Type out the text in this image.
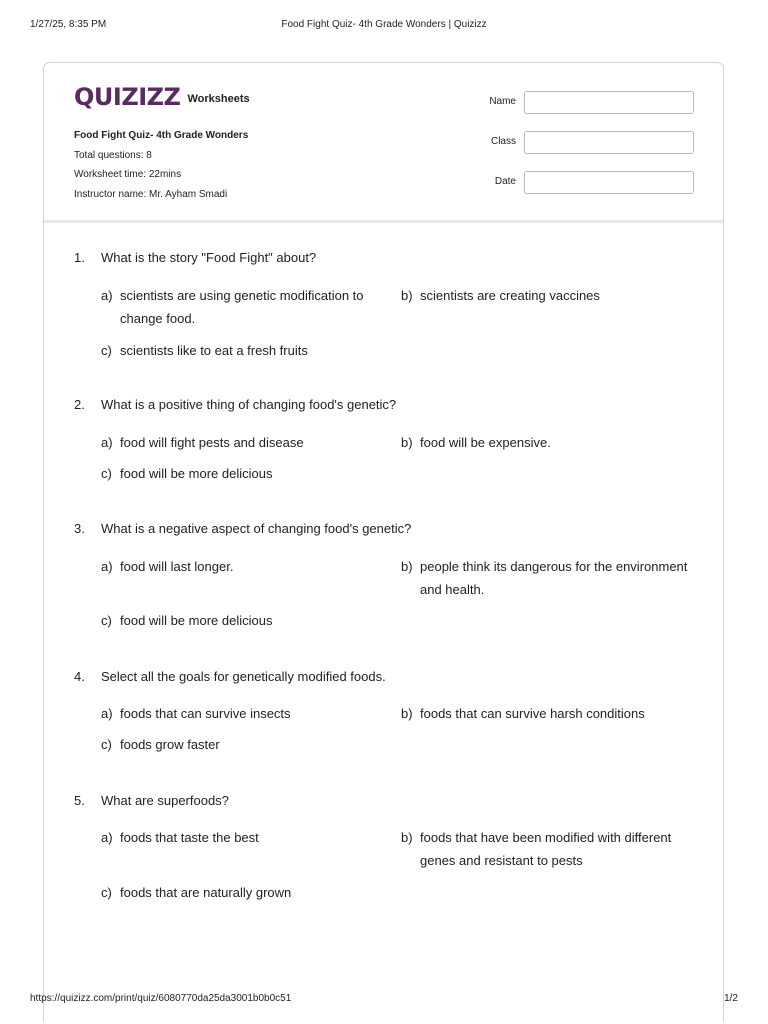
1/27/25, 8:35 PM	Food Fight Quiz- 4th Grade Wonders | Quizizz
QUIZIZZ Worksheets
Food Fight Quiz- 4th Grade Wonders
Total questions: 8
Worksheet time: 22mins
Instructor name: Mr. Ayham Smadi
Name
Class
Date
1. What is the story "Food Fight" about?
a) scientists are using genetic modification to change food.
b) scientists are creating vaccines
c) scientists like to eat a fresh fruits
2. What is a positive thing of changing food's genetic?
a) food will fight pests and disease	b) food will be expensive.
c) food will be more delicious
3. What is a negative aspect of changing food's genetic?
a) food will last longer.	b) people think its dangerous for the environment and health.
c) food will be more delicious
4. Select all the goals for genetically modified foods.
a) foods that can survive insects	b) foods that can survive harsh conditions
c) foods grow faster
5. What are superfoods?
a) foods that taste the best	b) foods that have been modified with different genes and resistant to pests
c) foods that are naturally grown
https://quizizz.com/print/quiz/6080770da25da3001b0b0c51	1/2
